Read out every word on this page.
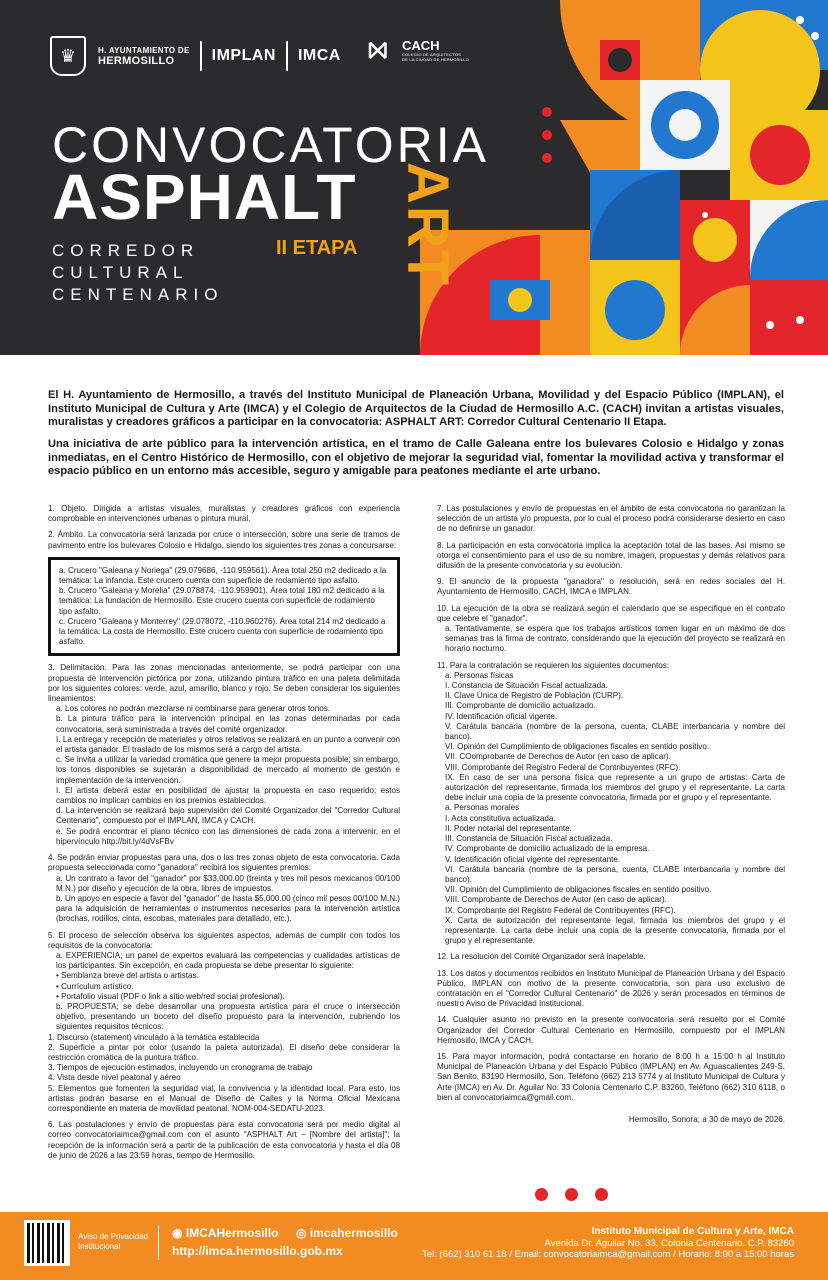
♛	H. AYUNTAMIENTO DE
HERMOSILLO	IMPLAN IMCA ⨝	CACH
COLEGIO DE ARQUITECTOS
DE LA CIUDAD DE HERMOSILLO
CONVOCATORIA
ASPHALT ART
CORREDOR
CULTURAL
CENTENARIO
II ETAPA

El H. Ayuntamiento de Hermosillo, a través del Instituto Municipal de Planeación Urbana, Movilidad y del Espacio Público (IMPLAN), el Instituto Municipal de Cultura y Arte (IMCA) y el Colegio de Arquitectos de la Ciudad de Hermosillo A.C. (CACH) invitan a artistas visuales, muralistas y creadores gráficos a participar en la convocatoria: ASPHALT ART: Corredor Cultural Centenario II Etapa.

Una iniciativa de arte público para la intervención artística, en el tramo de Calle Galeana entre los bulevares Colosio e Hidalgo y zonas inmediatas, en el Centro Histórico de Hermosillo, con el objetivo de mejorar la seguridad vial, fomentar la movilidad activa y transformar el espacio público en un entorno más accesible, seguro y amigable para peatones mediante el arte urbano.

1. Objeto. Dirigida a artistas visuales, muralistas y creadores gráficos con experiencia comprobable en intervenciones urbanas o pintura mural.

2. Ámbito. La convocatoria será lanzada por cruce o intersección, sobre una serie de tramos de pavimento entre los bulevares Colosio e Hidalgo, siendo los siguientes tres zonas a concursarse:

a. Crucero "Galeana y Noriega" (29.079686, -110.959561). Área total 250 m2 dedicado a la temática: La infancia. Este crucero cuenta con superficie de rodamiento tipo asfalto.

b. Crucero "Galeana y Morelia" (29.078874, -110.959901). Área total 180 m2 dedicado a la temática: La fundación de Hermosillo. Este crucero cuenta con superficie de rodamiento tipo asfalto.

c. Crucero "Galeana y Monterrey" (29.078072, -110.960276). Área total 214 m2 dedicado a la temática: La costa de Hermosillo. Este crucero cuenta con superficie de rodamiento tipo asfalto.

3. Delimitación. Para las zonas mencionadas anteriormente, se podrá participar con una propuesta de intervención pictórica por zona, utilizando pintura tráfico en una paleta delimitada por los siguientes colores: verde, azul, amarillo, blanco y rojo. Se deben considerar los siguientes lineamientos:

a. Los colores no podrán mezclarse ni combinarse para generar otros tonos.

b. La pintura tráfico para la intervención principal en las zonas determinadas por cada convocatoria, será suministrada a través del comité organizador.

I. La entrega y recepción de materiales y otros relativos se realizará en un punto a convenir con el artista ganador. El traslado de los mismos será a cargo del artista.

c. Se invita a utilizar la variedad cromática que genere la mejor propuesta posible; sin embargo, los tonos disponibles se sujetarán a disponibilidad de mercado al momento de gestión e implementación de la intervención.

I. El artista deberá estar en posibilidad de ajustar la propuesta en caso requerido; estos cambios no implican cambios en los premios establecidos.

d. La intervención se realizará bajo supervisión del Comité Organizador del "Corredor Cultural Centenario", compuesto por el IMPLAN, IMCA y CACH.

e. Se podrá encontrar el plano técnico con las dimensiones de cada zona a intervenir, en el hipervínculo http://bit.ly/4dVsFBv

4. Se podrán enviar propuestas para una, dos o las tres zonas objeto de esta convocatoria. Cada propuesta seleccionada como "ganadora" recibirá los siguientes premios:

a. Un contrato a favor del "ganador" por $33,000.00 (treinta y tres mil pesos mexicanos 00/100 M.N.) por diseño y ejecución de la obra, libres de impuestos.

b. Un apoyo en especie a favor del "ganador" de hasta $5,000.00 (cinco mil pesos 00/100 M.N.) para la adquisición de herramientas o instrumentos necesarios para la intervención artística (brochas, rodillos, cinta, escobas, materiales para detallado, etc.).

5. El proceso de selección observa los siguientes aspectos, además de cumplir con todos los requisitos de la convocatoria:

a. EXPERIENCIA; un panel de expertos evaluará las competencias y cualidades artísticas de los participantes. Sin excepción, en cada propuesta se debe presentar lo siguiente:

• Semblanza breve del artista o artistas.

• Currículum artístico.

• Portafolio visual (PDF o link a sitio web/red social profesional).

b. PROPUESTA; se debe desarrollar una propuesta artística para el cruce o intersección objetivo, presentando un boceto del diseño propuesto para la intervención, cubriendo los siguientes requisitos técnicos:

1. Discurso (statement) vinculado a la temática establecida

2. Superficie a pintar por color (usando la paleta autorizada). El diseño debe considerar la restricción cromática de la puntura tráfico.

3. Tiempos de ejecución estimados, incluyendo un cronograma de trabajo

4. Vista desde nivel peatonal y aéreo

5. Elementos que fomenten la seguridad vial, la convivencia y la identidad local. Para esto, los artistas podrán basarse en el Manual de Diseño de Calles y la Norma Oficial Mexicana correspondiente en materia de movilidad peatonal. NOM-004-SEDATU-2023.

6. Las postulaciones y envío de propuestas para esta convocatoria será por medio digital al correo convocatoriaimca@gmail.com con el asunto "ASPHALT Art – [Nombre del artista]"; la recepción de la información será a partir de la publicación de esta convocatoria y hasta el día 08 de junio de 2026 a las 23:59 horas, tiempo de Hermosillo.

7. Las postulaciones y envío de propuestas en el ámbito de esta convocatoria no garantizan la selección de un artista y/o propuesta, por lo cual el proceso podrá considerarse desierto en caso de no definirse un ganador.

8. La participación en esta convocatoria implica la aceptación total de las bases. Así mismo se otorga el consentimiento para el uso de su nombre, imagen, propuestas y demás relativos para difusión de la presente convocatoria y su evolución.

9. El anuncio de la propuesta "ganadora" o resolución, será en redes sociales del H. Ayuntamiento de Hermosillo, CACH, IMCA e IMPLAN.

10. La ejecución de la obra se realizará según el calendario que se especifique en el contrato que celebre el "ganador".

a. Tentativamente, se espera que los trabajos artísticos tomen lugar en un máximo de dos semanas tras la firma de contrato, considerando que la ejecución del proyecto se realizará en horario nocturno.

11. Para la contratación se requieren los siguientes documentos:

a. Personas físicas

I. Constancia de Situación Fiscal actualizada.

II. Clave Única de Registro de Población (CURP).

III. Comprobante de domicilio actualizado.

IV. Identificación oficial vigente.

V. Carátula bancaria (nombre de la persona, cuenta, CLABE interbancaria y nombre del banco).

VI. Opinión del Cumplimiento de obligaciones fiscales en sentido positivo.

VII. COomprobante de Derechos de Autor (en caso de aplicar).

VIII. Comprobante del Registro Federal de Contribuyentes (RFC).

IX. En caso de ser una persona física que represente a un grupo de artistas: Carta de autorización del representante, firmada los miembros del grupo y el representante. La carta debe incluir una copia de la presente convocatoria, firmada por el grupo y el representante.

a. Personas morales

I. Acta constitutiva actualizada.

II. Poder notarial del representante.

III. Constancia de Situación Fiscal actualizada.

IV. Comprobante de domicilio actualizado de la empresa.

V. Identificación oficial vigente del representante.

VI. Carátula bancaria (nombre de la persona, cuenta, CLABE interbancaria y nombre del banco).

VII. Opinión del Cumplimiento de obligaciones fiscales en sentido positivo.

VIII. Comprobante de Derechos de Autor (en caso de aplicar).

IX. Comprobante del Registro Federal de Contribuyentes (RFC).

X. Carta de autorización del representante legal, firmada los miembros del grupo y el representante. La carta debe incluir una copia de la presente convocatoria, firmada por el grupo y el representante.

12. La resolución del Comité Organizador será inapelable.

13. Los datos y documentos recibidos en Instituto Municipal de Planeación Urbana y del Espacio Público, IMPLAN con motivo de la presente convocatoria, son para uso exclusivo de contratación en el "Corredor Cultural Centenario" de 2026 y serán procesados en términos de nuestro Aviso de Privacidad Institucional.

14. Cualquier asunto no previsto en la presente convocatoria será resuelto por el Comité Organizador del Corredor Cultural Centenario en Hermosillo, compuesto por el IMPLAN Hermosillo, IMCA y CACH.

15. Para mayor información, podrá contactarse en horario de 8:00 h a 15:00 h al Instituto Municipal de Planeación Urbana y del Espacio Público (IMPLAN) en Av. Aguascalientes 249-S, San Benito, 83190 Hermosillo, Son. Teléfono (662) 213 5774 y al Instituto Municipal de Cultura y Arte (IMCA) en Av. Dr. Aguilar No. 33 Colonia Centenario C.P. 83260, Teléfono (662) 310 6118, o bien al convocatoriaimca@gmail.com.

Hermosillo, Sonora; a 30 de mayo de 2026.

Aviso de Privacidad Institucional
◉ IMCAHermosillo ◎ imcahermosillo
http://imca.hermosillo.gob.mx
Instituto Municipal de Cultura y Arte, IMCA
Avenida Dr. Aguilar No. 33, Colonia Centenario. C.P. 83260
Tel: (662) 310 61 18 / Email: convocatoriaimca@gmail.com / Horario: 8:00 a 15:00 horas
